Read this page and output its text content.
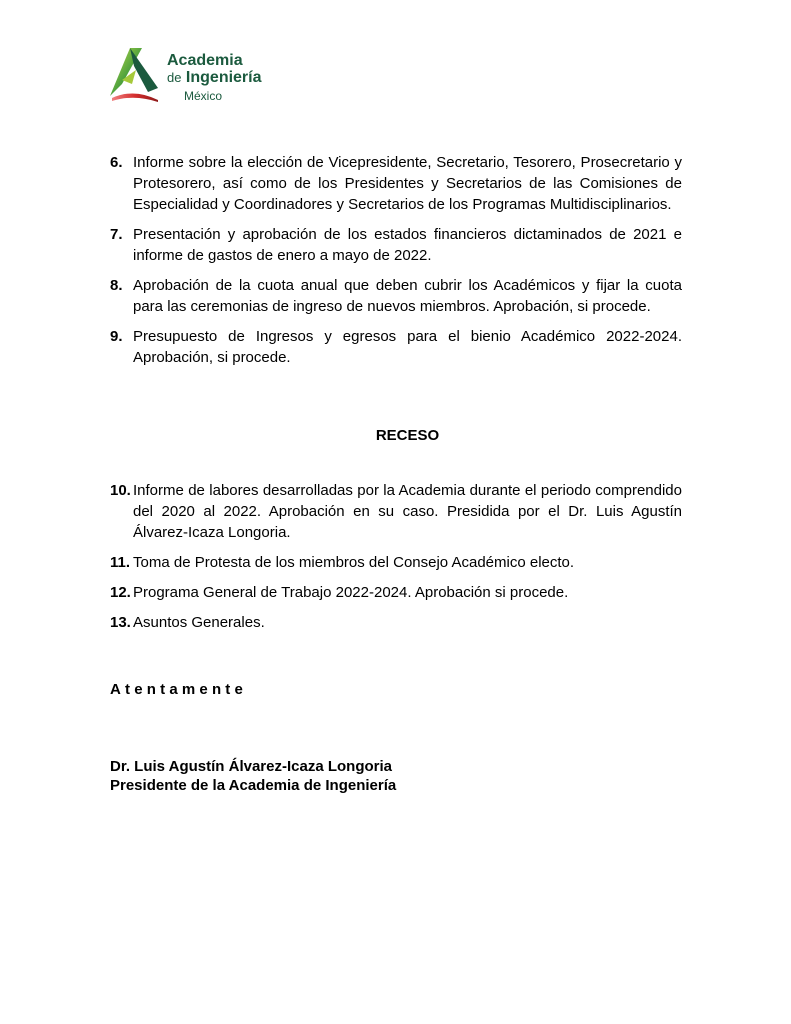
Academia
de Ingeniería
México
6. Informe sobre la elección de Vicepresidente, Secretario, Tesorero, Prosecretario y Protesorero, así como de los Presidentes y Secretarios de las Comisiones de Especialidad y Coordinadores y Secretarios de los Programas Multidisciplinarios.
7. Presentación y aprobación de los estados financieros dictaminados de 2021 e informe de gastos de enero a mayo de 2022.
8. Aprobación de la cuota anual que deben cubrir los Académicos y fijar la cuota para las ceremonias de ingreso de nuevos miembros. Aprobación, si procede.
9. Presupuesto de Ingresos y egresos para el bienio Académico 2022-2024. Aprobación, si procede.
RECESO
10. Informe de labores desarrolladas por la Academia durante el periodo comprendido del 2020 al 2022. Aprobación en su caso. Presidida por el Dr. Luis Agustín Álvarez-Icaza Longoria.
11. Toma de Protesta de los miembros del Consejo Académico electo.
12. Programa General de Trabajo 2022-2024. Aprobación si procede.
13. Asuntos Generales.
Atentamente
Dr. Luis Agustín Álvarez-Icaza Longoria
Presidente de la Academia de Ingeniería
